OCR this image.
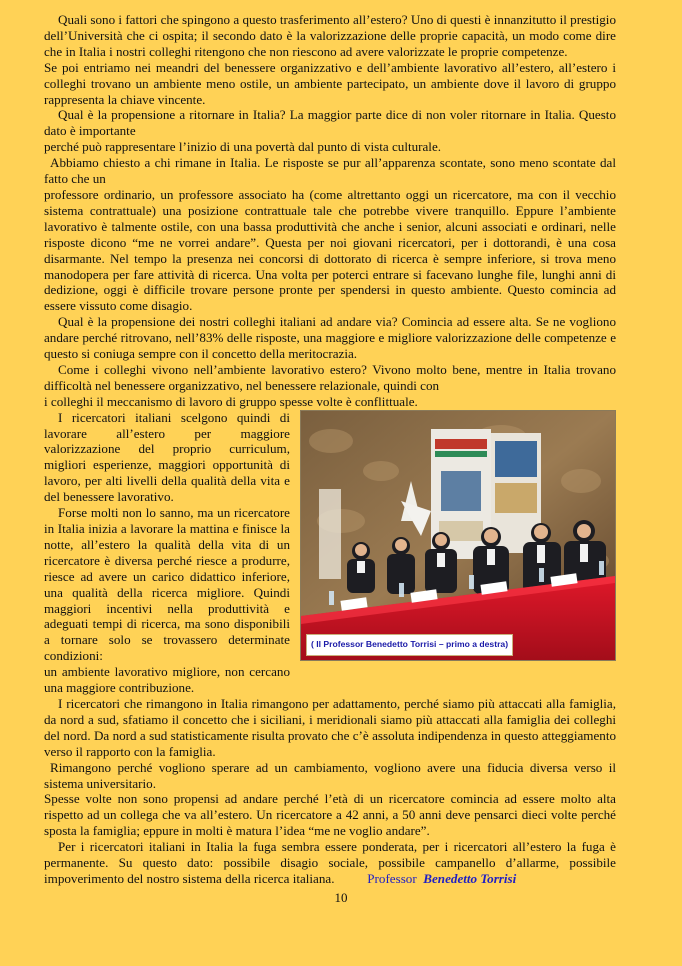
Quali sono i fattori che spingono a questo trasferimento all’estero? Uno di questi è innanzitutto il prestigio dell’Università che ci ospita; il secondo dato è la valorizzazione delle proprie capacità, un modo come dire che in Italia i nostri colleghi ritengono che non riescono ad avere valorizzate le proprie competenze.

Se poi entriamo nei meandri del benessere organizzativo e dell’ambiente lavorativo all’estero, all’estero i colleghi trovano un ambiente meno ostile, un ambiente partecipato, un ambiente dove il lavoro di gruppo rappresenta la chiave vincente.

Qual è la propensione a ritornare in Italia? La maggior parte dice di non voler ritornare in Italia. Questo dato è importante

perché può rappresentare l’inizio di una povertà dal punto di vista culturale.

Abbiamo chiesto a chi rimane in Italia. Le risposte se pur all’apparenza scontate, sono meno scontate dal fatto che un

professore ordinario, un professore associato ha (come altrettanto oggi un ricercatore, ma con il vecchio sistema contrattuale) una posizione contrattuale tale che potrebbe vivere tranquillo. Eppure l’ambiente lavorativo è talmente ostile, con una bassa produttività che anche i senior, alcuni associati e ordinari, nelle risposte dicono “me ne vorrei andare”. Questa per noi giovani ricercatori, per i dottorandi, è una cosa disarmante. Nel tempo la presenza nei concorsi di dottorato di ricerca è sempre inferiore, si trova meno manodopera per fare attività di ricerca. Una volta per poterci entrare si facevano lunghe file, lunghi anni di dedizione, oggi è difficile trovare persone pronte per spendersi in questo ambiente. Questo comincia ad essere vissuto come disagio.

Qual è la propensione dei nostri colleghi italiani ad andare via? Comincia ad essere alta. Se ne vogliono andare perché ritrovano, nell’83% delle risposte, una maggiore e migliore valorizzazione delle competenze e questo si coniuga sempre con il concetto della meritocrazia.

Come i colleghi vivono nell’ambiente lavorativo estero? Vivono molto bene, mentre in Italia trovano difficoltà nel benessere organizzativo, nel benessere relazionale, quindi con

i colleghi il meccanismo di lavoro di gruppo spesse volte è conflittuale.

( Il Professor Benedetto Torrisi – primo a destra)

I ricercatori italiani scelgono quindi di lavorare all’estero per maggiore valorizzazione del proprio curriculum, migliori esperienze, maggiori opportunità di lavoro, per alti livelli della qualità della vita e del benessere lavorativo.

Forse molti non lo sanno, ma un ricercatore in Italia inizia a lavorare la mattina e finisce la notte, all’estero la qualità della vita di un ricercatore è diversa perché riesce a produrre, riesce ad avere un carico didattico inferiore, una qualità della ricerca migliore. Quindi maggiori incentivi nella produttività e adeguati tempi di ricerca, ma sono disponibili a tornare solo se trovassero determinate condizioni:

un ambiente lavorativo migliore, non cercano una maggiore contribuzione.

I ricercatori che rimangono in Italia rimangono per adattamento, perché siamo più attaccati alla famiglia, da nord a sud, sfatiamo il concetto che i siciliani, i meridionali siamo più attaccati alla famiglia dei colleghi del nord. Da nord a sud statisticamente risulta provato che c’è assoluta indipendenza in questo atteggiamento verso il rapporto con la famiglia.

Rimangono perché vogliono sperare ad un cambiamento, vogliono avere una fiducia diversa verso il sistema universitario.

Spesse volte non sono propensi ad andare perché l’età di un ricercatore comincia ad essere molto alta rispetto ad un collega che va all’estero. Un ricercatore a 42 anni, a 50 anni deve pensarci dieci volte perché sposta la famiglia; eppure in molti è matura l’idea “me ne voglio andare”.

Per i ricercatori italiani in Italia la fuga sembra essere ponderata, per i ricercatori all’estero la fuga è permanente. Su questo dato: possibile disagio sociale, possibile campanello d’allarme, possibile impoverimento del nostro sistema della ricerca italiana. Professor Benedetto Torrisi

10
